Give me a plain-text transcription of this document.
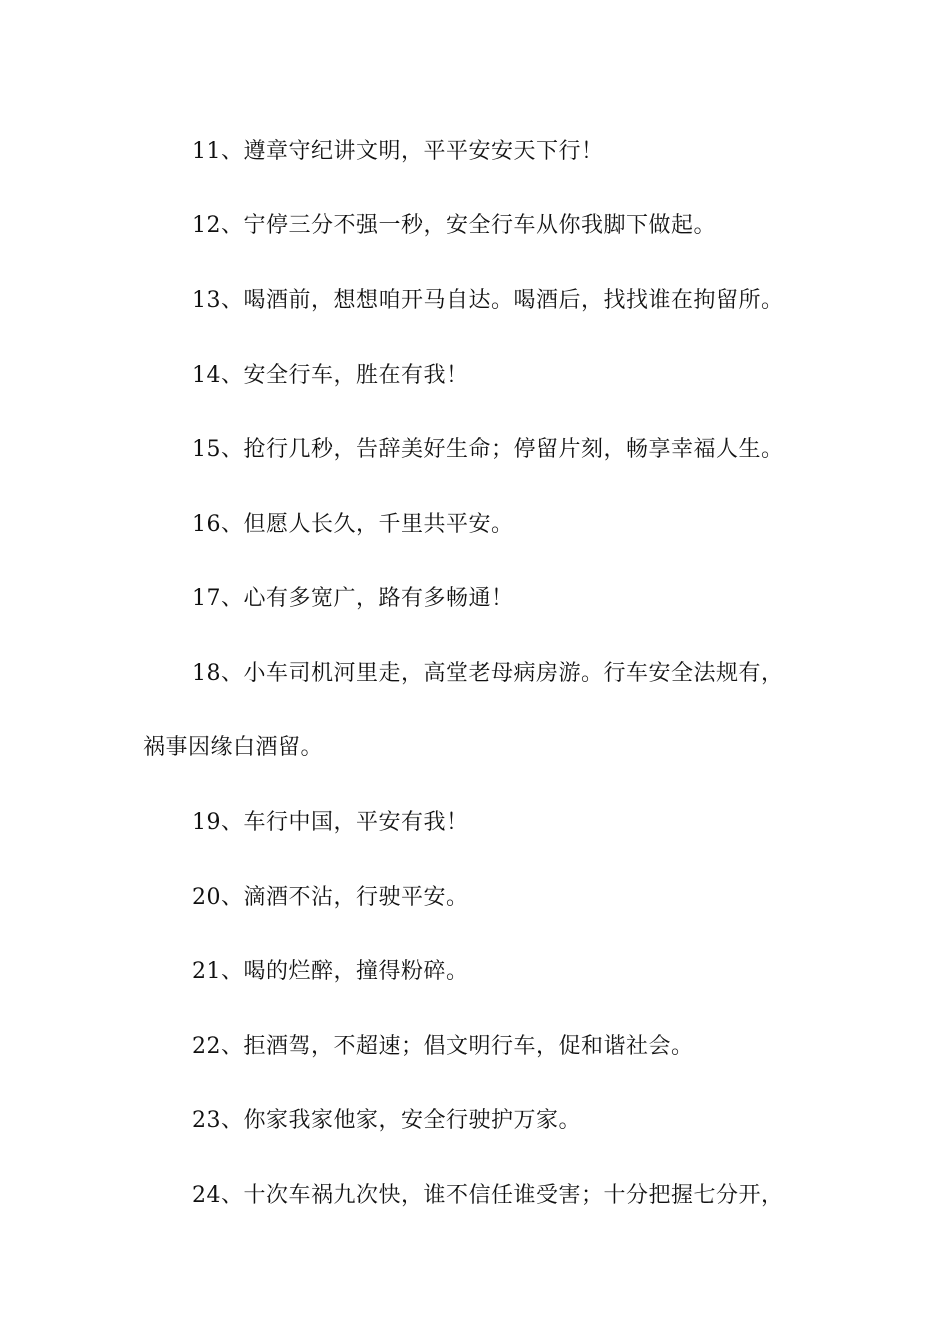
11、遵章守纪讲文明，平平安安天下行！
12、宁停三分不强一秒，安全行车从你我脚下做起。
13、喝酒前，想想咱开马自达。喝酒后，找找谁在拘留所。
14、安全行车，胜在有我！
15、抢行几秒，告辞美好生命；停留片刻，畅享幸福人生。
16、但愿人长久，千里共平安。
17、心有多宽广，路有多畅通！
18、小车司机河里走，高堂老母病房游。行车安全法规有，
祸事因缘白酒留。
19、车行中国，平安有我！
20、滴酒不沾，行驶平安。
21、喝的烂醉，撞得粉碎。
22、拒酒驾，不超速；倡文明行车，促和谐社会。
23、你家我家他家，安全行驶护万家。
24、十次车祸九次快，谁不信任谁受害；十分把握七分开，
